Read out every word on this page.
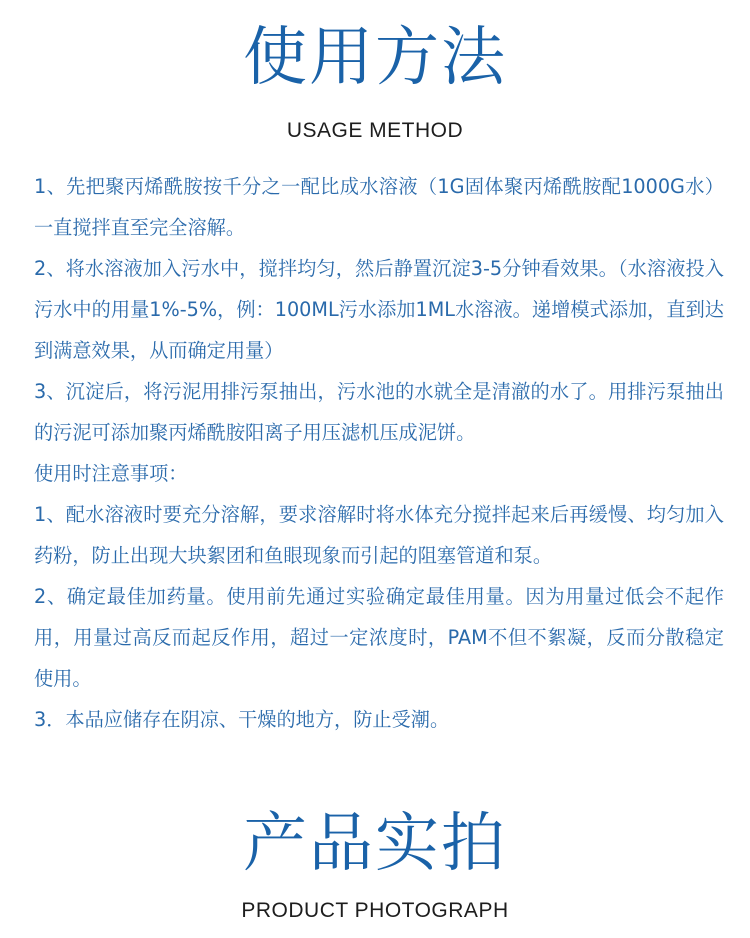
使用方法
USAGE METHOD

1、先把聚丙烯酰胺按千分之一配比成水溶液（1G固体聚丙烯酰胺配1000G水）一直搅拌直至完全溶解。

2、将水溶液加入污水中，搅拌均匀，然后静置沉淀3-5分钟看效果。（水溶液投入污水中的用量1%-5%，例：100ML污水添加1ML水溶液。递增模式添加，直到达到满意效果，从而确定用量）

3、沉淀后，将污泥用排污泵抽出，污水池的水就全是清澈的水了。用排污泵抽出的污泥可添加聚丙烯酰胺阳离子用压滤机压成泥饼。

使用时注意事项：

1、配水溶液时要充分溶解，要求溶解时将水体充分搅拌起来后再缓慢、均匀加入药粉，防止出现大块絮团和鱼眼现象而引起的阻塞管道和泵。

2、确定最佳加药量。使用前先通过实验确定最佳用量。因为用量过低会不起作用，用量过高反而起反作用，超过一定浓度时，PAM不但不絮凝，反而分散稳定使用。

3．本品应储存在阴凉、干燥的地方，防止受潮。

产品实拍
PRODUCT PHOTOGRAPH
